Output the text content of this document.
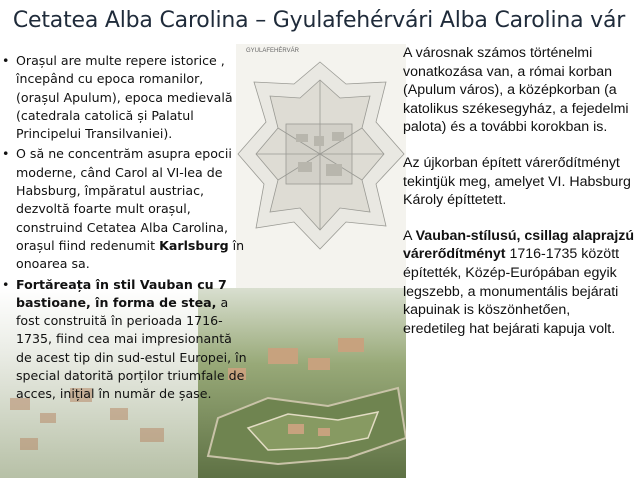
GYULAFEHÉRVÁR
Cetatea Alba Carolina – Gyulafehérvári Alba Carolina vár
• Orașul are multe repere istorice , începând cu epoca romanilor, (orașul Apulum), epoca medievală (catedrala catolică și Palatul Principelui Transilvaniei).
• O să ne concentrăm asupra epocii moderne, când Carol al VI-lea de Habsburg, împăratul austriac, dezvoltă foarte mult orașul, construind Cetatea Alba Carolina, orașul fiind redenumit Karlsburg în onoarea sa.
• Fortăreața în stil Vauban cu 7 bastioane, în forma de stea, a fost construită în perioada 1716-1735, fiind cea mai impresionantă de acest tip din sud-estul Europei, în special datorită porților triumfale de acces, inițial în număr de șase.

A városnak számos történelmi vonatkozása van, a római korban (Apulum város), a középkorban (a katolikus székesegyház, a fejedelmi palota) és a további korokban is.

Az újkorban épített várerődítményt tekintjük meg, amelyet VI. Habsburg Károly építtetett.

A Vauban-stílusú, csillag alaprajzú várerődítményt 1716-1735 között építették, Közép-Európában egyik legszebb, a monumentális bejárati kapuinak is köszönhetően, eredetileg hat bejárati kapuja volt.
